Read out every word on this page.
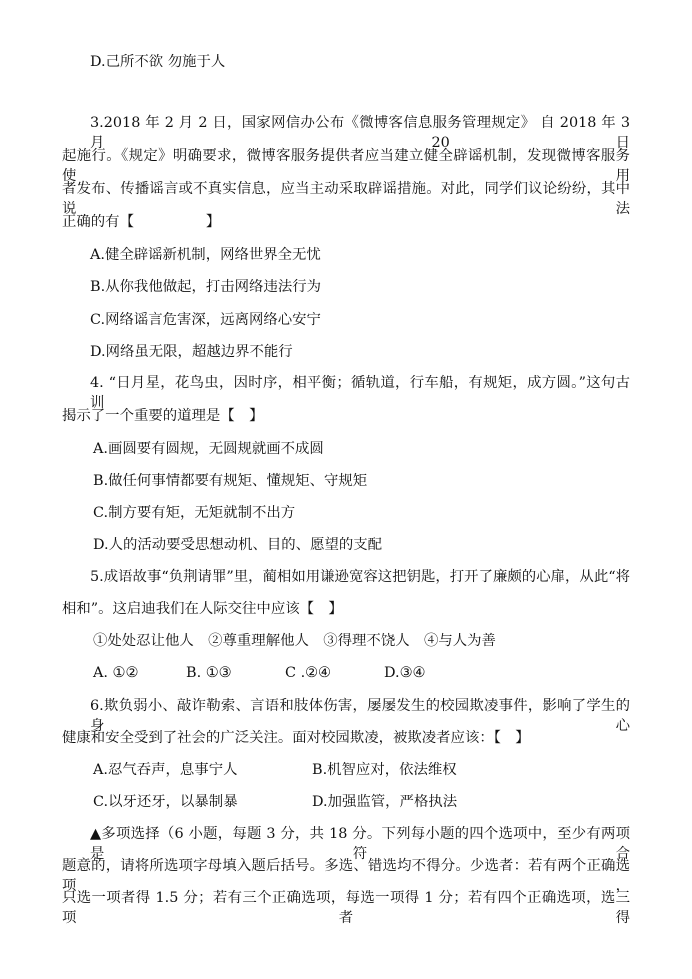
D.己所不欲 勿施于人
3.2018 年 2 月 2 日，国家网信办公布《微博客信息服务管理规定》 自 2018 年 3 月 20 日
起施行。《规定》明确要求，微博客服务提供者应当建立健全辟谣机制，发现微博客服务使用
者发布、传播谣言或不真实信息，应当主动采取辟谣措施。对此，同学们议论纷纷，其中说法
正确的有【　　　　　】
A.健全辟谣新机制，网络世界全无忧
B.从你我他做起，打击网络违法行为
C.网络谣言危害深，远离网络心安宁
D.网络虽无限，超越边界不能行
4. “日月星，花鸟虫，因时序，相平衡；循轨道，行车船，有规矩，成方圆。”这句古训
揭示了一个重要的道理是【　】
A.画圆要有圆规，无圆规就画不成圆
B.做任何事情都要有规矩、懂规矩、守规矩
C.制方要有矩，无矩就制不出方
D.人的活动要受思想动机、目的、愿望的支配
5.成语故事“负荆请罪”里，蔺相如用谦逊宽容这把钥匙，打开了廉颇的心扉，从此“将
相和”。这启迪我们在人际交往中应该【　】
①处处忍让他人　②尊重理解他人　③得理不饶人　④与人为善
A. ①②	B. ①③	C .②④	D.③④
6.欺负弱小、敲诈勒索、言语和肢体伤害，屡屡发生的校园欺凌事件，影响了学生的身心
健康和安全受到了社会的广泛关注。面对校园欺凌，被欺凌者应该：【　】
A.忍气吞声，息事宁人	B.机智应对，依法维权
C.以牙还牙，以暴制暴	D.加强监管，严格执法
▲多项选择（6 小题，每题 3 分，共 18 分。下列每小题的四个选项中，至少有两项是符合
题意的，请将所选项字母填入题后括号。多选、错选均不得分。少选者：若有两个正确选项，
只选一项者得 1.5 分；若有三个正确选项，每选一项得 1 分；若有四个正确选项，选三项者得
